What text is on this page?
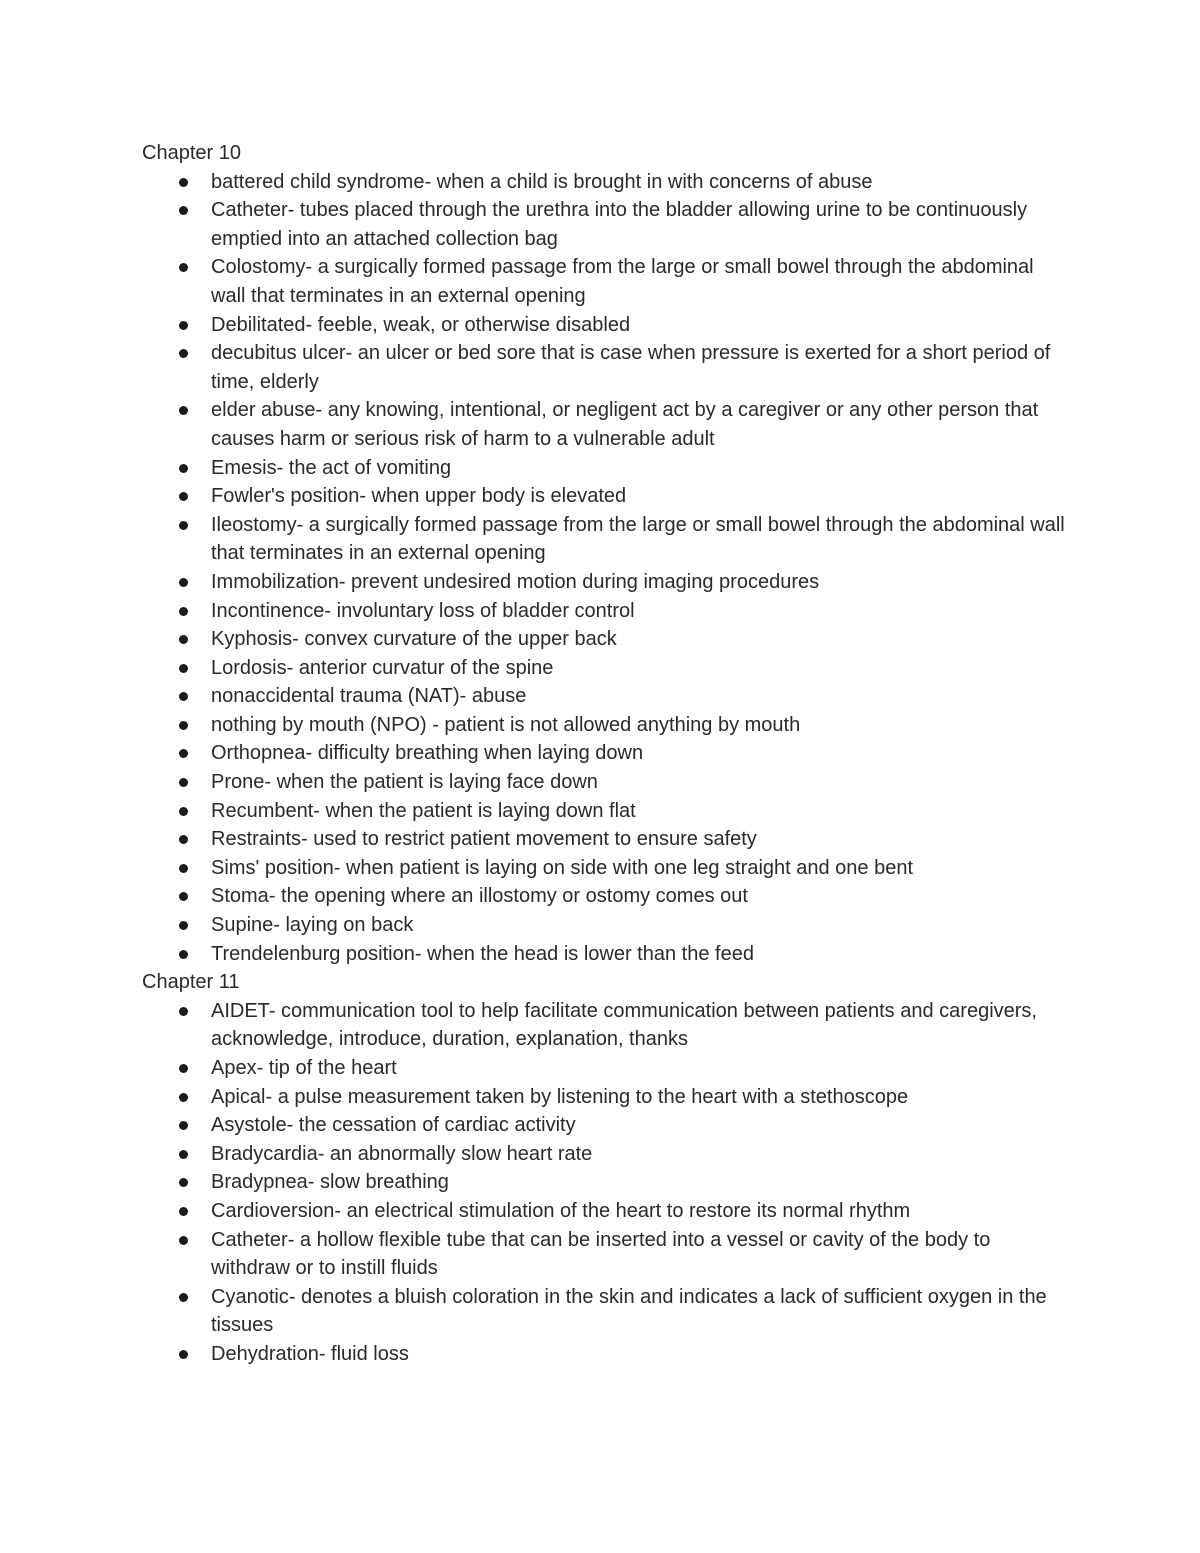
Chapter 10
battered child syndrome- when a child is brought in with concerns of abuse
Catheter- tubes placed through the urethra into the bladder allowing urine to be continuously emptied into an attached collection bag
Colostomy- a surgically formed passage from the large or small bowel through the abdominal wall that terminates in an external opening
Debilitated- feeble, weak, or otherwise disabled
decubitus ulcer- an ulcer or bed sore that is case when pressure is exerted for a short period of time, elderly
elder abuse- any knowing, intentional, or negligent act by a caregiver or any other person that causes harm or serious risk of harm to a vulnerable adult
Emesis- the act of vomiting
Fowler's position- when upper body is elevated
Ileostomy- a surgically formed passage from the large or small bowel through the abdominal wall that terminates in an external opening
Immobilization- prevent undesired motion during imaging procedures
Incontinence- involuntary loss of bladder control
Kyphosis- convex curvature of the upper back
Lordosis- anterior curvatur of the spine
nonaccidental trauma (NAT)- abuse
nothing by mouth (NPO) - patient is not allowed anything by mouth
Orthopnea- difficulty breathing when laying down
Prone- when the patient is laying face down
Recumbent- when the patient is laying down flat
Restraints- used to restrict patient movement to ensure safety
Sims' position- when patient is laying on side with one leg straight and one bent
Stoma- the opening where an illostomy or ostomy comes out
Supine- laying on back
Trendelenburg position- when the head is lower than the feed
Chapter 11
AIDET- communication tool to help facilitate communication between patients and caregivers, acknowledge, introduce, duration, explanation, thanks
Apex- tip of the heart
Apical- a pulse measurement taken by listening to the heart with a stethoscope
Asystole- the cessation of cardiac activity
Bradycardia- an abnormally slow heart rate
Bradypnea- slow breathing
Cardioversion- an electrical stimulation of the heart to restore its normal rhythm
Catheter- a hollow flexible tube that can be inserted into a vessel or cavity of the body to withdraw or to instill fluids
Cyanotic- denotes a bluish coloration in the skin and indicates a lack of sufficient oxygen in the tissues
Dehydration- fluid loss
